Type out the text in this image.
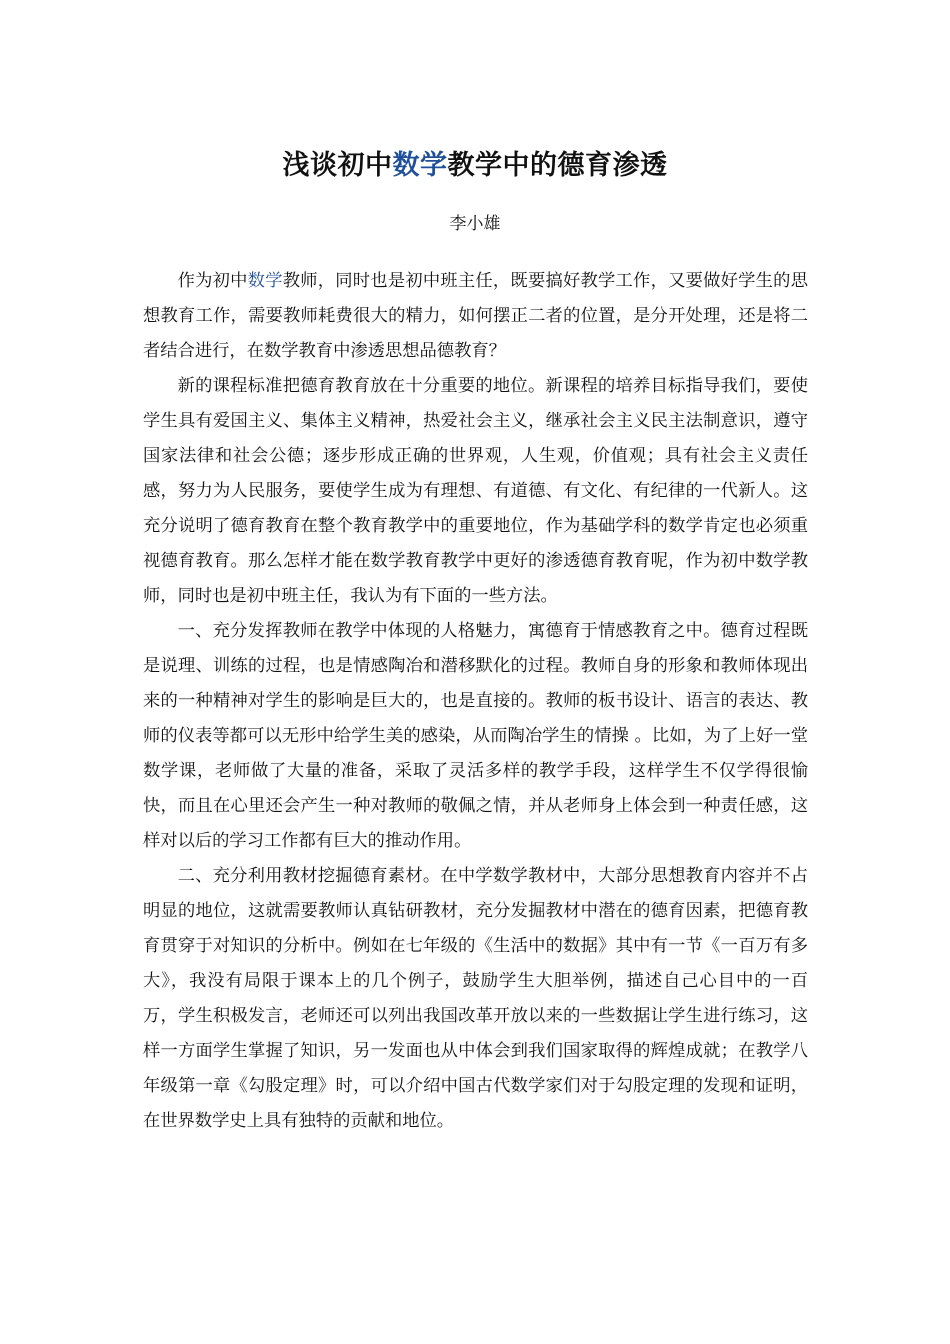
浅谈初中数学教学中的德育渗透
李小雄

作为初中数学教师，同时也是初中班主任，既要搞好教学工作，又要做好学生的思想教育工作，需要教师耗费很大的精力，如何摆正二者的位置，是分开处理，还是将二者结合进行，在数学教育中渗透思想品德教育？

新的课程标准把德育教育放在十分重要的地位。新课程的培养目标指导我们，要使学生具有爱国主义、集体主义精神，热爱社会主义，继承社会主义民主法制意识，遵守国家法律和社会公德；逐步形成正确的世界观，人生观，价值观；具有社会主义责任感，努力为人民服务，要使学生成为有理想、有道德、有文化、有纪律的一代新人。这充分说明了德育教育在整个教育教学中的重要地位，作为基础学科的数学肯定也必须重视德育教育。那么怎样才能在数学教育教学中更好的渗透德育教育呢，作为初中数学教师，同时也是初中班主任，我认为有下面的一些方法。

一、充分发挥教师在教学中体现的人格魅力，寓德育于情感教育之中。德育过程既是说理、训练的过程，也是情感陶冶和潜移默化的过程。教师自身的形象和教师体现出来的一种精神对学生的影响是巨大的，也是直接的。教师的板书设计、语言的表达、教师的仪表等都可以无形中给学生美的感染，从而陶冶学生的情操 。比如，为了上好一堂数学课，老师做了大量的准备，采取了灵活多样的教学手段，这样学生不仅学得很愉快，而且在心里还会产生一种对教师的敬佩之情，并从老师身上体会到一种责任感，这样对以后的学习工作都有巨大的推动作用。

二、充分利用教材挖掘德育素材。在中学数学教材中，大部分思想教育内容并不占明显的地位，这就需要教师认真钻研教材，充分发掘教材中潜在的德育因素，把德育教育贯穿于对知识的分析中。例如在七年级的《生活中的数据》其中有一节《一百万有多大》，我没有局限于课本上的几个例子，鼓励学生大胆举例，描述自己心目中的一百万，学生积极发言，老师还可以列出我国改革开放以来的一些数据让学生进行练习，这样一方面学生掌握了知识，另一发面也从中体会到我们国家取得的辉煌成就；在教学八年级第一章《勾股定理》时，可以介绍中国古代数学家们对于勾股定理的发现和证明，在世界数学史上具有独特的贡献和地位。
